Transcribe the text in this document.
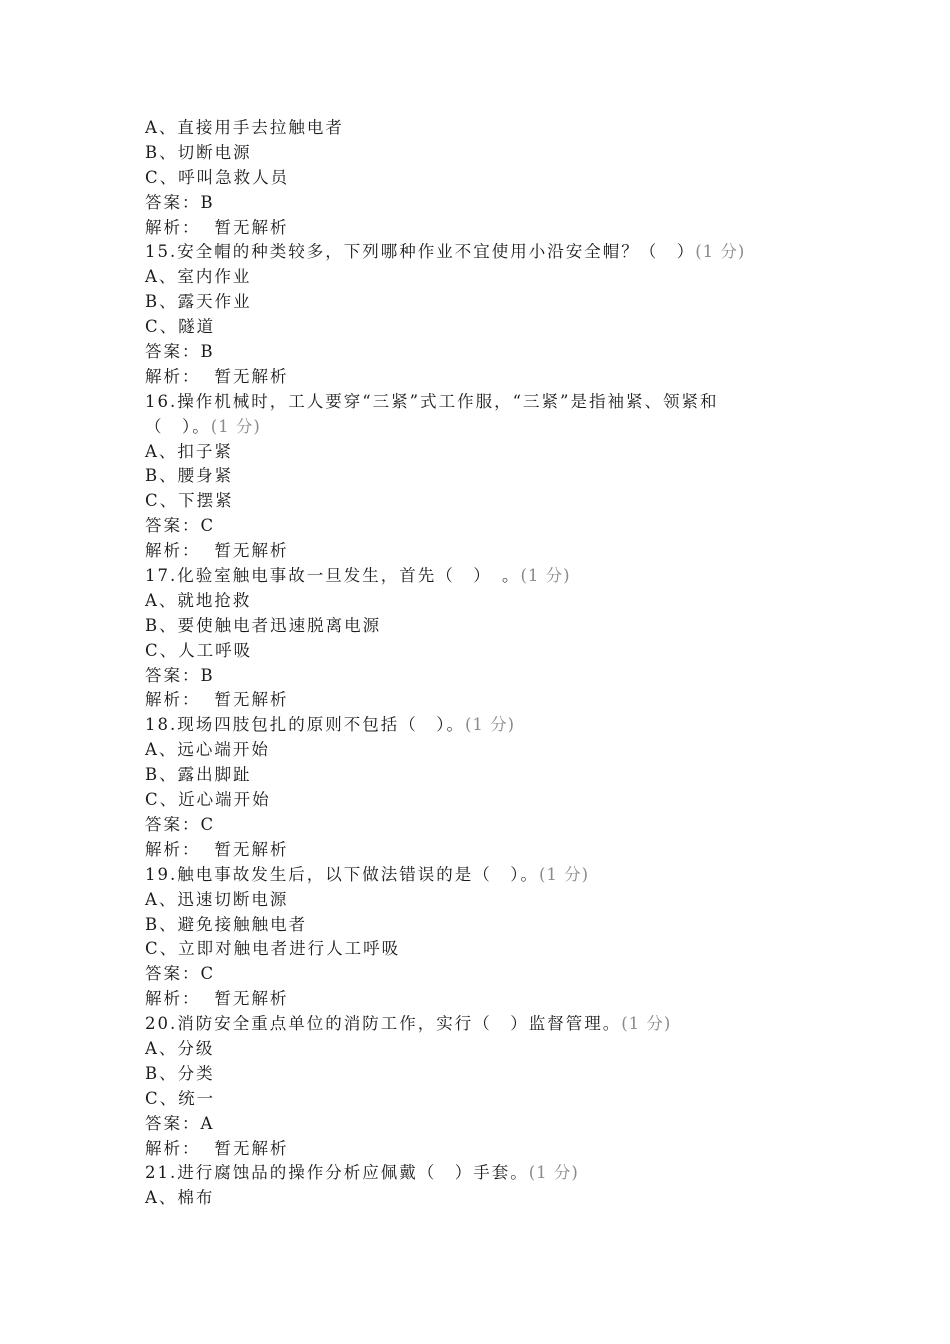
A、直接用手去拉触电者
B、切断电源
C、呼叫急救人员
答案：B
解析： 暂无解析
15.安全帽的种类较多，下列哪种作业不宜使用小沿安全帽？（　）(1 分)
A、室内作业
B、露天作业
C、隧道
答案：B
解析： 暂无解析
16.操作机械时，工人要穿“三紧”式工作服，“三紧”是指袖紧、领紧和
（　）。(1 分)
A、扣子紧
B、腰身紧
C、下摆紧
答案：C
解析： 暂无解析
17.化验室触电事故一旦发生，首先（　）　。(1 分)
A、就地抢救
B、要使触电者迅速脱离电源
C、人工呼吸
答案：B
解析： 暂无解析
18.现场四肢包扎的原则不包括（　）。(1 分)
A、远心端开始
B、露出脚趾
C、近心端开始
答案：C
解析： 暂无解析
19.触电事故发生后，以下做法错误的是（　）。(1 分)
A、迅速切断电源
B、避免接触触电者
C、立即对触电者进行人工呼吸
答案：C
解析： 暂无解析
20.消防安全重点单位的消防工作，实行（　）监督管理。(1 分)
A、分级
B、分类
C、统一
答案：A
解析： 暂无解析
21.进行腐蚀品的操作分析应佩戴（　）手套。(1 分)
A、棉布
